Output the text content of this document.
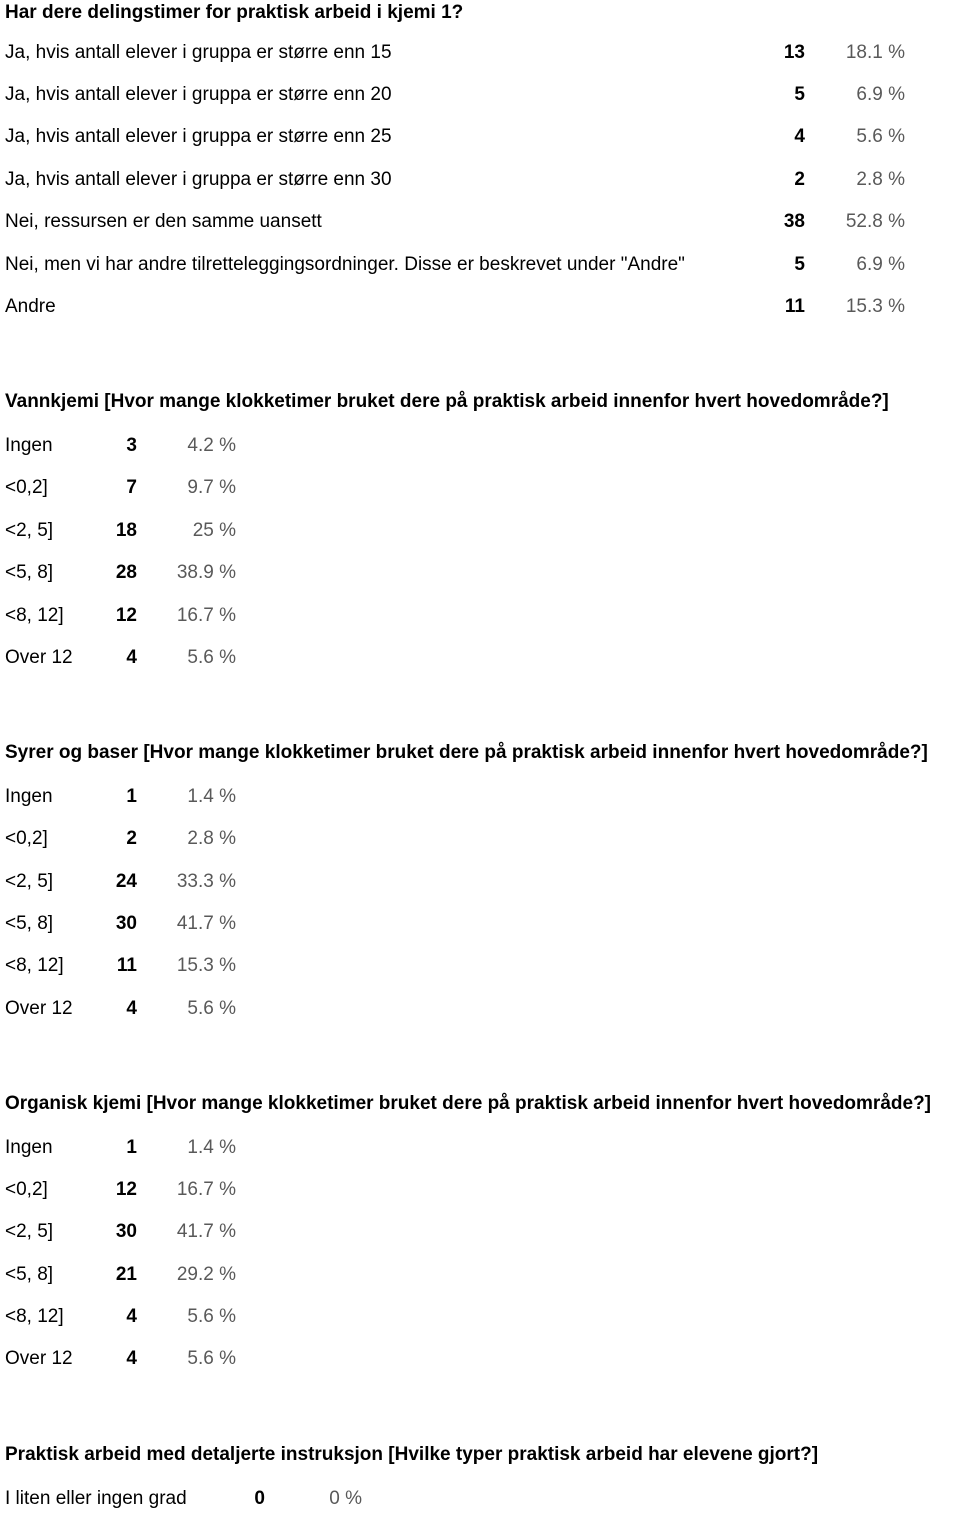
Har dere delingstimer for praktisk arbeid i kjemi 1?
Ja, hvis antall elever i gruppa er større enn 15	13	18.1 %
Ja, hvis antall elever i gruppa er større enn 20	5	6.9 %
Ja, hvis antall elever i gruppa er større enn 25	4	5.6 %
Ja, hvis antall elever i gruppa er større enn 30	2	2.8 %
Nei, ressursen er den samme uansett	38	52.8 %
Nei, men vi har andre tilretteleggingsordninger. Disse er beskrevet under "Andre"	5	6.9 %
Andre	11	15.3 %
Vannkjemi [Hvor mange klokketimer bruket dere på praktisk arbeid innenfor hvert hovedområde?]
Ingen	3	4.2 %
<0,2]	7	9.7 %
<2, 5]	18	25 %
<5, 8]	28	38.9 %
<8, 12]	12	16.7 %
Over 12	4	5.6 %
Syrer og baser [Hvor mange klokketimer bruket dere på praktisk arbeid innenfor hvert hovedområde?]
Ingen	1	1.4 %
<0,2]	2	2.8 %
<2, 5]	24	33.3 %
<5, 8]	30	41.7 %
<8, 12]	11	15.3 %
Over 12	4	5.6 %
Organisk kjemi [Hvor mange klokketimer bruket dere på praktisk arbeid innenfor hvert hovedområde?]
Ingen	1	1.4 %
<0,2]	12	16.7 %
<2, 5]	30	41.7 %
<5, 8]	21	29.2 %
<8, 12]	4	5.6 %
Over 12	4	5.6 %
Praktisk arbeid med detaljerte instruksjon [Hvilke typer praktisk arbeid har elevene gjort?]
I liten eller ingen grad	0	0 %
